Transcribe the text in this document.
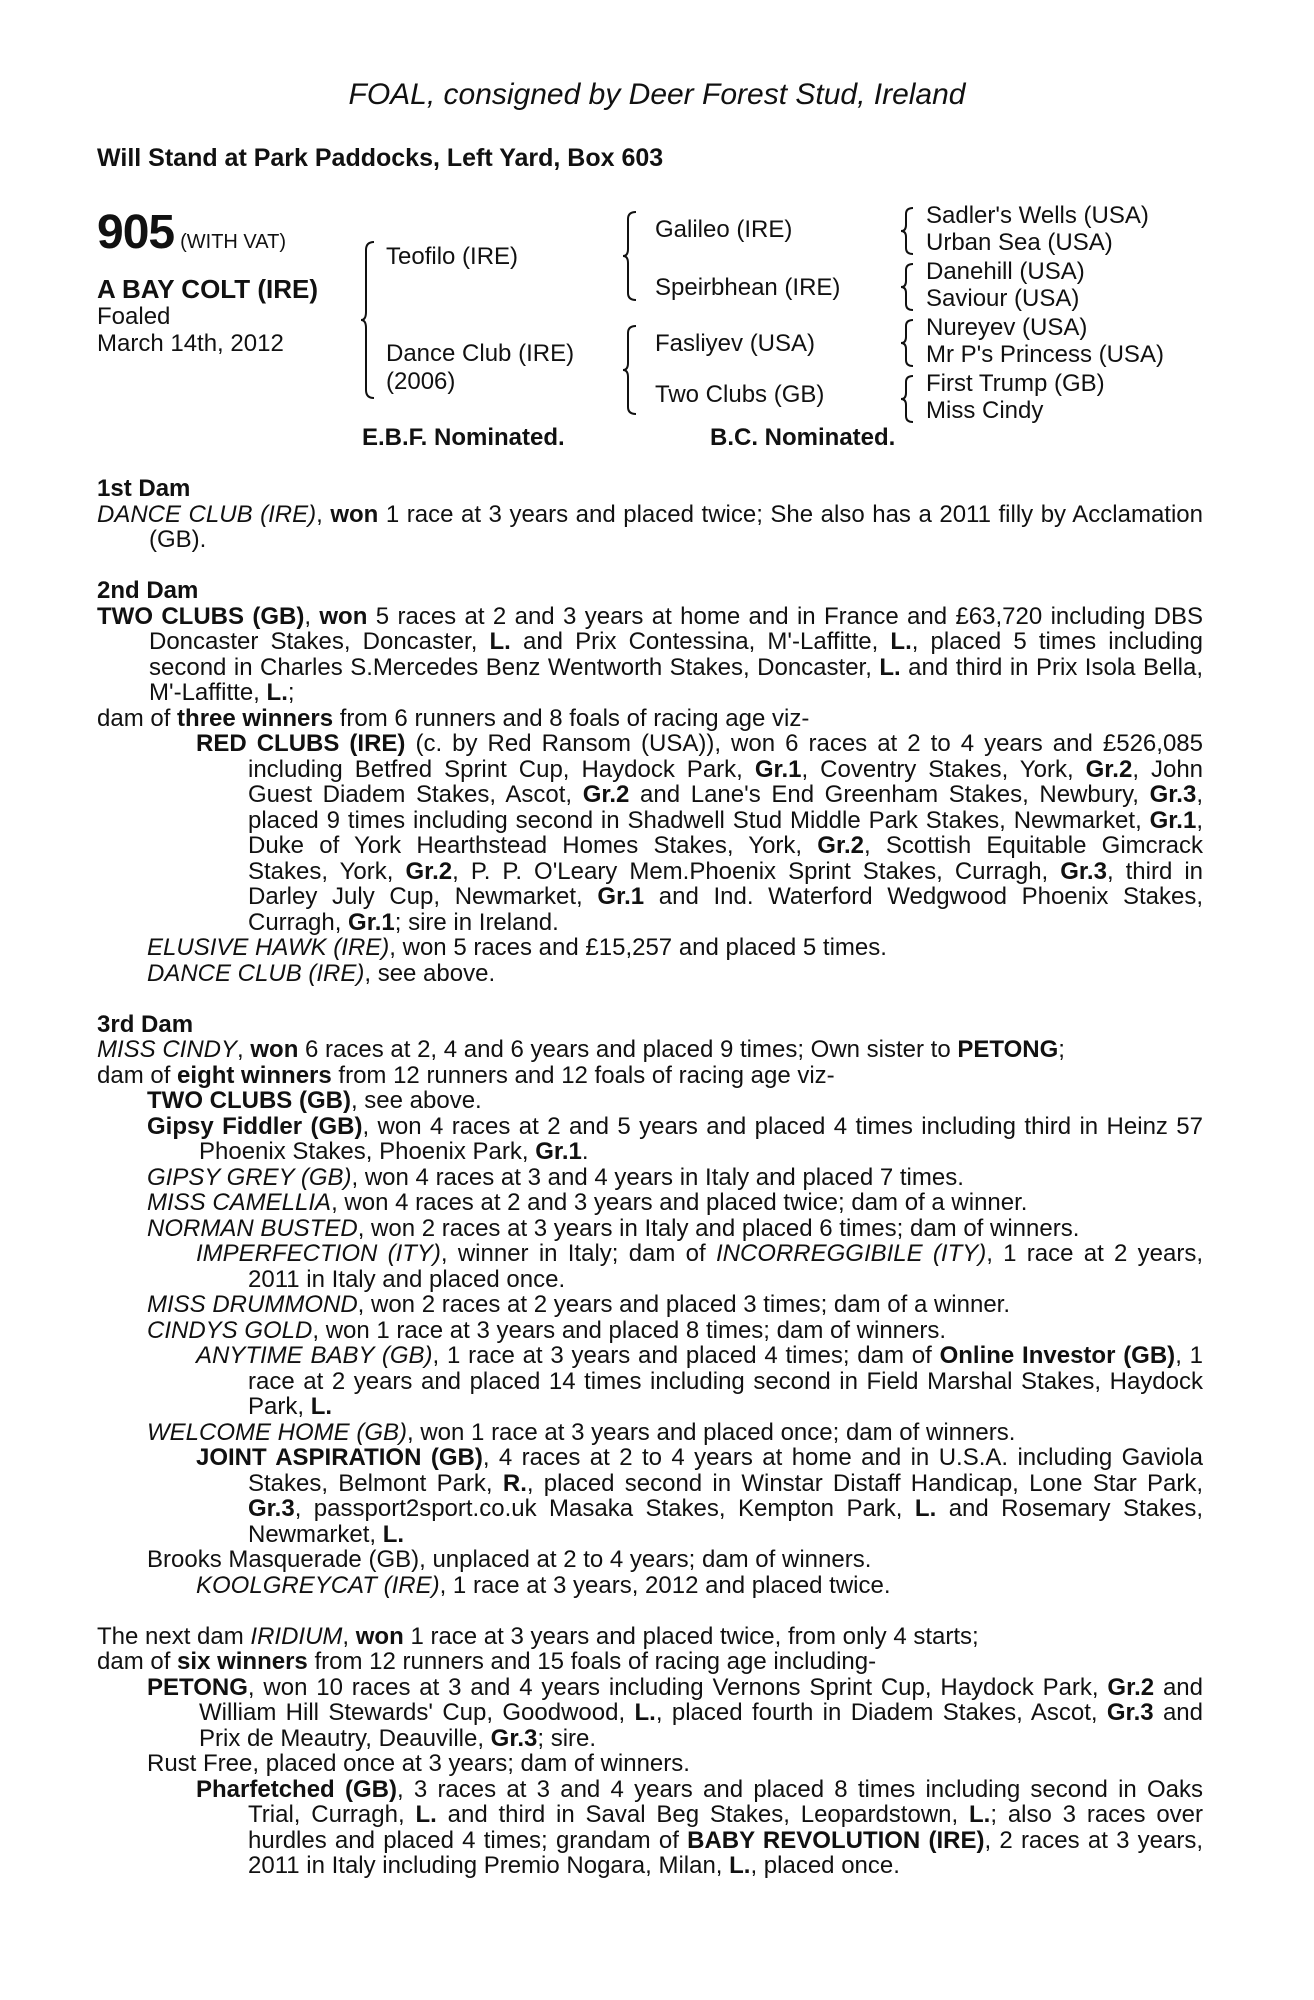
FOAL, consigned by Deer Forest Stud, Ireland
Will Stand at Park Paddocks, Left Yard, Box 603
905 (WITH VAT)
A BAY COLT (IRE)
Foaled
March 14th, 2012
Teofilo (IRE)
Dance Club (IRE)
(2006)
Galileo (IRE)
Speirbhean (IRE)
Fasliyev (USA)
Two Clubs (GB)
Sadler's Wells (USA)
Urban Sea (USA)
Danehill (USA)
Saviour (USA)
Nureyev (USA)
Mr P's Princess (USA)
First Trump (GB)
Miss Cindy
E.B.F. Nominated.	B.C. Nominated.
1st Dam

DANCE CLUB (IRE), won 1 race at 3 years and placed twice; She also has a 2011 filly by Acclamation (GB).

2nd Dam

TWO CLUBS (GB), won 5 races at 2 and 3 years at home and in France and £63,720 including DBS Doncaster Stakes, Doncaster, L. and Prix Contessina, M'-Laffitte, L., placed 5 times including second in Charles S.Mercedes Benz Wentworth Stakes, Doncaster, L. and third in Prix Isola Bella, M'-Laffitte, L.;

dam of three winners from 6 runners and 8 foals of racing age viz-

RED CLUBS (IRE) (c. by Red Ransom (USA)), won 6 races at 2 to 4 years and £526,085 including Betfred Sprint Cup, Haydock Park, Gr.1, Coventry Stakes, York, Gr.2, John Guest Diadem Stakes, Ascot, Gr.2 and Lane's End Greenham Stakes, Newbury, Gr.3, placed 9 times including second in Shadwell Stud Middle Park Stakes, Newmarket, Gr.1, Duke of York Hearthstead Homes Stakes, York, Gr.2, Scottish Equitable Gimcrack Stakes, York, Gr.2, P. P. O'Leary Mem.Phoenix Sprint Stakes, Curragh, Gr.3, third in Darley July Cup, Newmarket, Gr.1 and Ind. Waterford Wedgwood Phoenix Stakes, Curragh, Gr.1; sire in Ireland.

ELUSIVE HAWK (IRE), won 5 races and £15,257 and placed 5 times.

DANCE CLUB (IRE), see above.

3rd Dam

MISS CINDY, won 6 races at 2, 4 and 6 years and placed 9 times; Own sister to PETONG;

dam of eight winners from 12 runners and 12 foals of racing age viz-

TWO CLUBS (GB), see above.

Gipsy Fiddler (GB), won 4 races at 2 and 5 years and placed 4 times including third in Heinz 57 Phoenix Stakes, Phoenix Park, Gr.1.

GIPSY GREY (GB), won 4 races at 3 and 4 years in Italy and placed 7 times.

MISS CAMELLIA, won 4 races at 2 and 3 years and placed twice; dam of a winner.

NORMAN BUSTED, won 2 races at 3 years in Italy and placed 6 times; dam of winners.

IMPERFECTION (ITY), winner in Italy; dam of INCORREGGIBILE (ITY), 1 race at 2 years, 2011 in Italy and placed once.

MISS DRUMMOND, won 2 races at 2 years and placed 3 times; dam of a winner.

CINDYS GOLD, won 1 race at 3 years and placed 8 times; dam of winners.

ANYTIME BABY (GB), 1 race at 3 years and placed 4 times; dam of Online Investor (GB), 1 race at 2 years and placed 14 times including second in Field Marshal Stakes, Haydock Park, L.

WELCOME HOME (GB), won 1 race at 3 years and placed once; dam of winners.

JOINT ASPIRATION (GB), 4 races at 2 to 4 years at home and in U.S.A. including Gaviola Stakes, Belmont Park, R., placed second in Winstar Distaff Handicap, Lone Star Park, Gr.3, passport2sport.co.uk Masaka Stakes, Kempton Park, L. and Rosemary Stakes, Newmarket, L.

Brooks Masquerade (GB), unplaced at 2 to 4 years; dam of winners.

KOOLGREYCAT (IRE), 1 race at 3 years, 2012 and placed twice.

The next dam IRIDIUM, won 1 race at 3 years and placed twice, from only 4 starts;

dam of six winners from 12 runners and 15 foals of racing age including-

PETONG, won 10 races at 3 and 4 years including Vernons Sprint Cup, Haydock Park, Gr.2 and William Hill Stewards' Cup, Goodwood, L., placed fourth in Diadem Stakes, Ascot, Gr.3 and Prix de Meautry, Deauville, Gr.3; sire.

Rust Free, placed once at 3 years; dam of winners.

Pharfetched (GB), 3 races at 3 and 4 years and placed 8 times including second in Oaks Trial, Curragh, L. and third in Saval Beg Stakes, Leopardstown, L.; also 3 races over hurdles and placed 4 times; grandam of BABY REVOLUTION (IRE), 2 races at 3 years, 2011 in Italy including Premio Nogara, Milan, L., placed once.
